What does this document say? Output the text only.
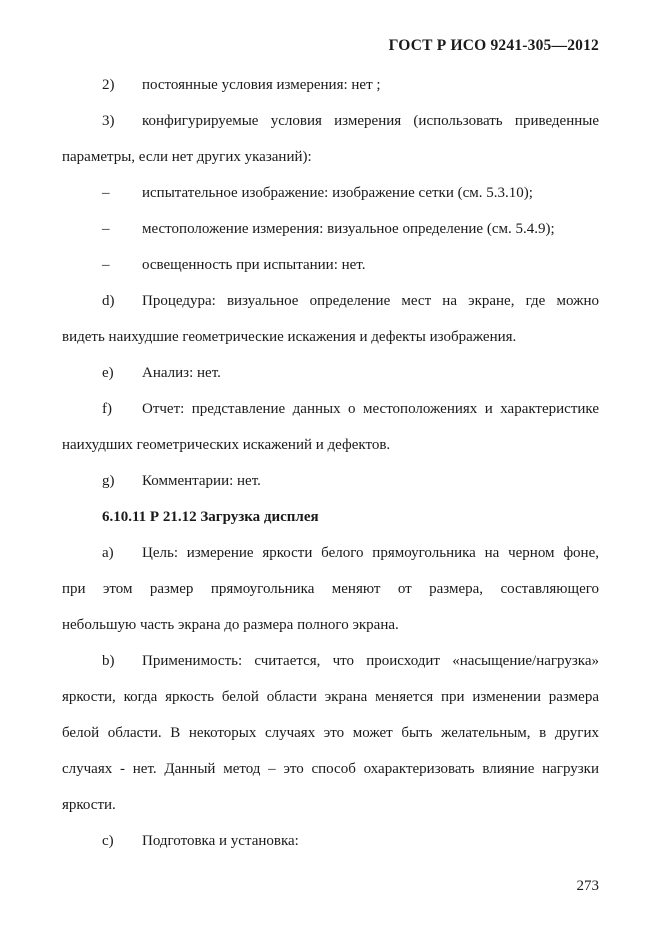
ГОСТ Р ИСО 9241-305—2012
2) постоянные условия измерения: нет ;
3) конфигурируемые условия измерения (использовать приведенные
параметры, если нет других указаний):
– испытательное изображение: изображение сетки (см. 5.3.10);
– местоположение измерения: визуальное определение (см. 5.4.9);
– освещенность при испытании: нет.
d) Процедура: визуальное определение мест на экране, где можно
видеть наихудшие геометрические искажения и дефекты изображения.
e) Анализ: нет.
f) Отчет: представление данных о местоположениях и характеристике
наихудших геометрических искажений и дефектов.
g) Комментарии: нет.
6.10.11 Р 21.12 Загрузка дисплея
a) Цель: измерение яркости белого прямоугольника на черном фоне,
при этом размер прямоугольника меняют от размера, составляющего
небольшую часть экрана до размера полного экрана.
b) Применимость: считается, что происходит «насыщение/нагрузка»
яркости, когда яркость белой области экрана меняется при изменении размера
белой области. В некоторых случаях это может быть желательным, в других
случаях - нет. Данный метод – это способ охарактеризовать влияние нагрузки
яркости.
c) Подготовка и установка:
273
